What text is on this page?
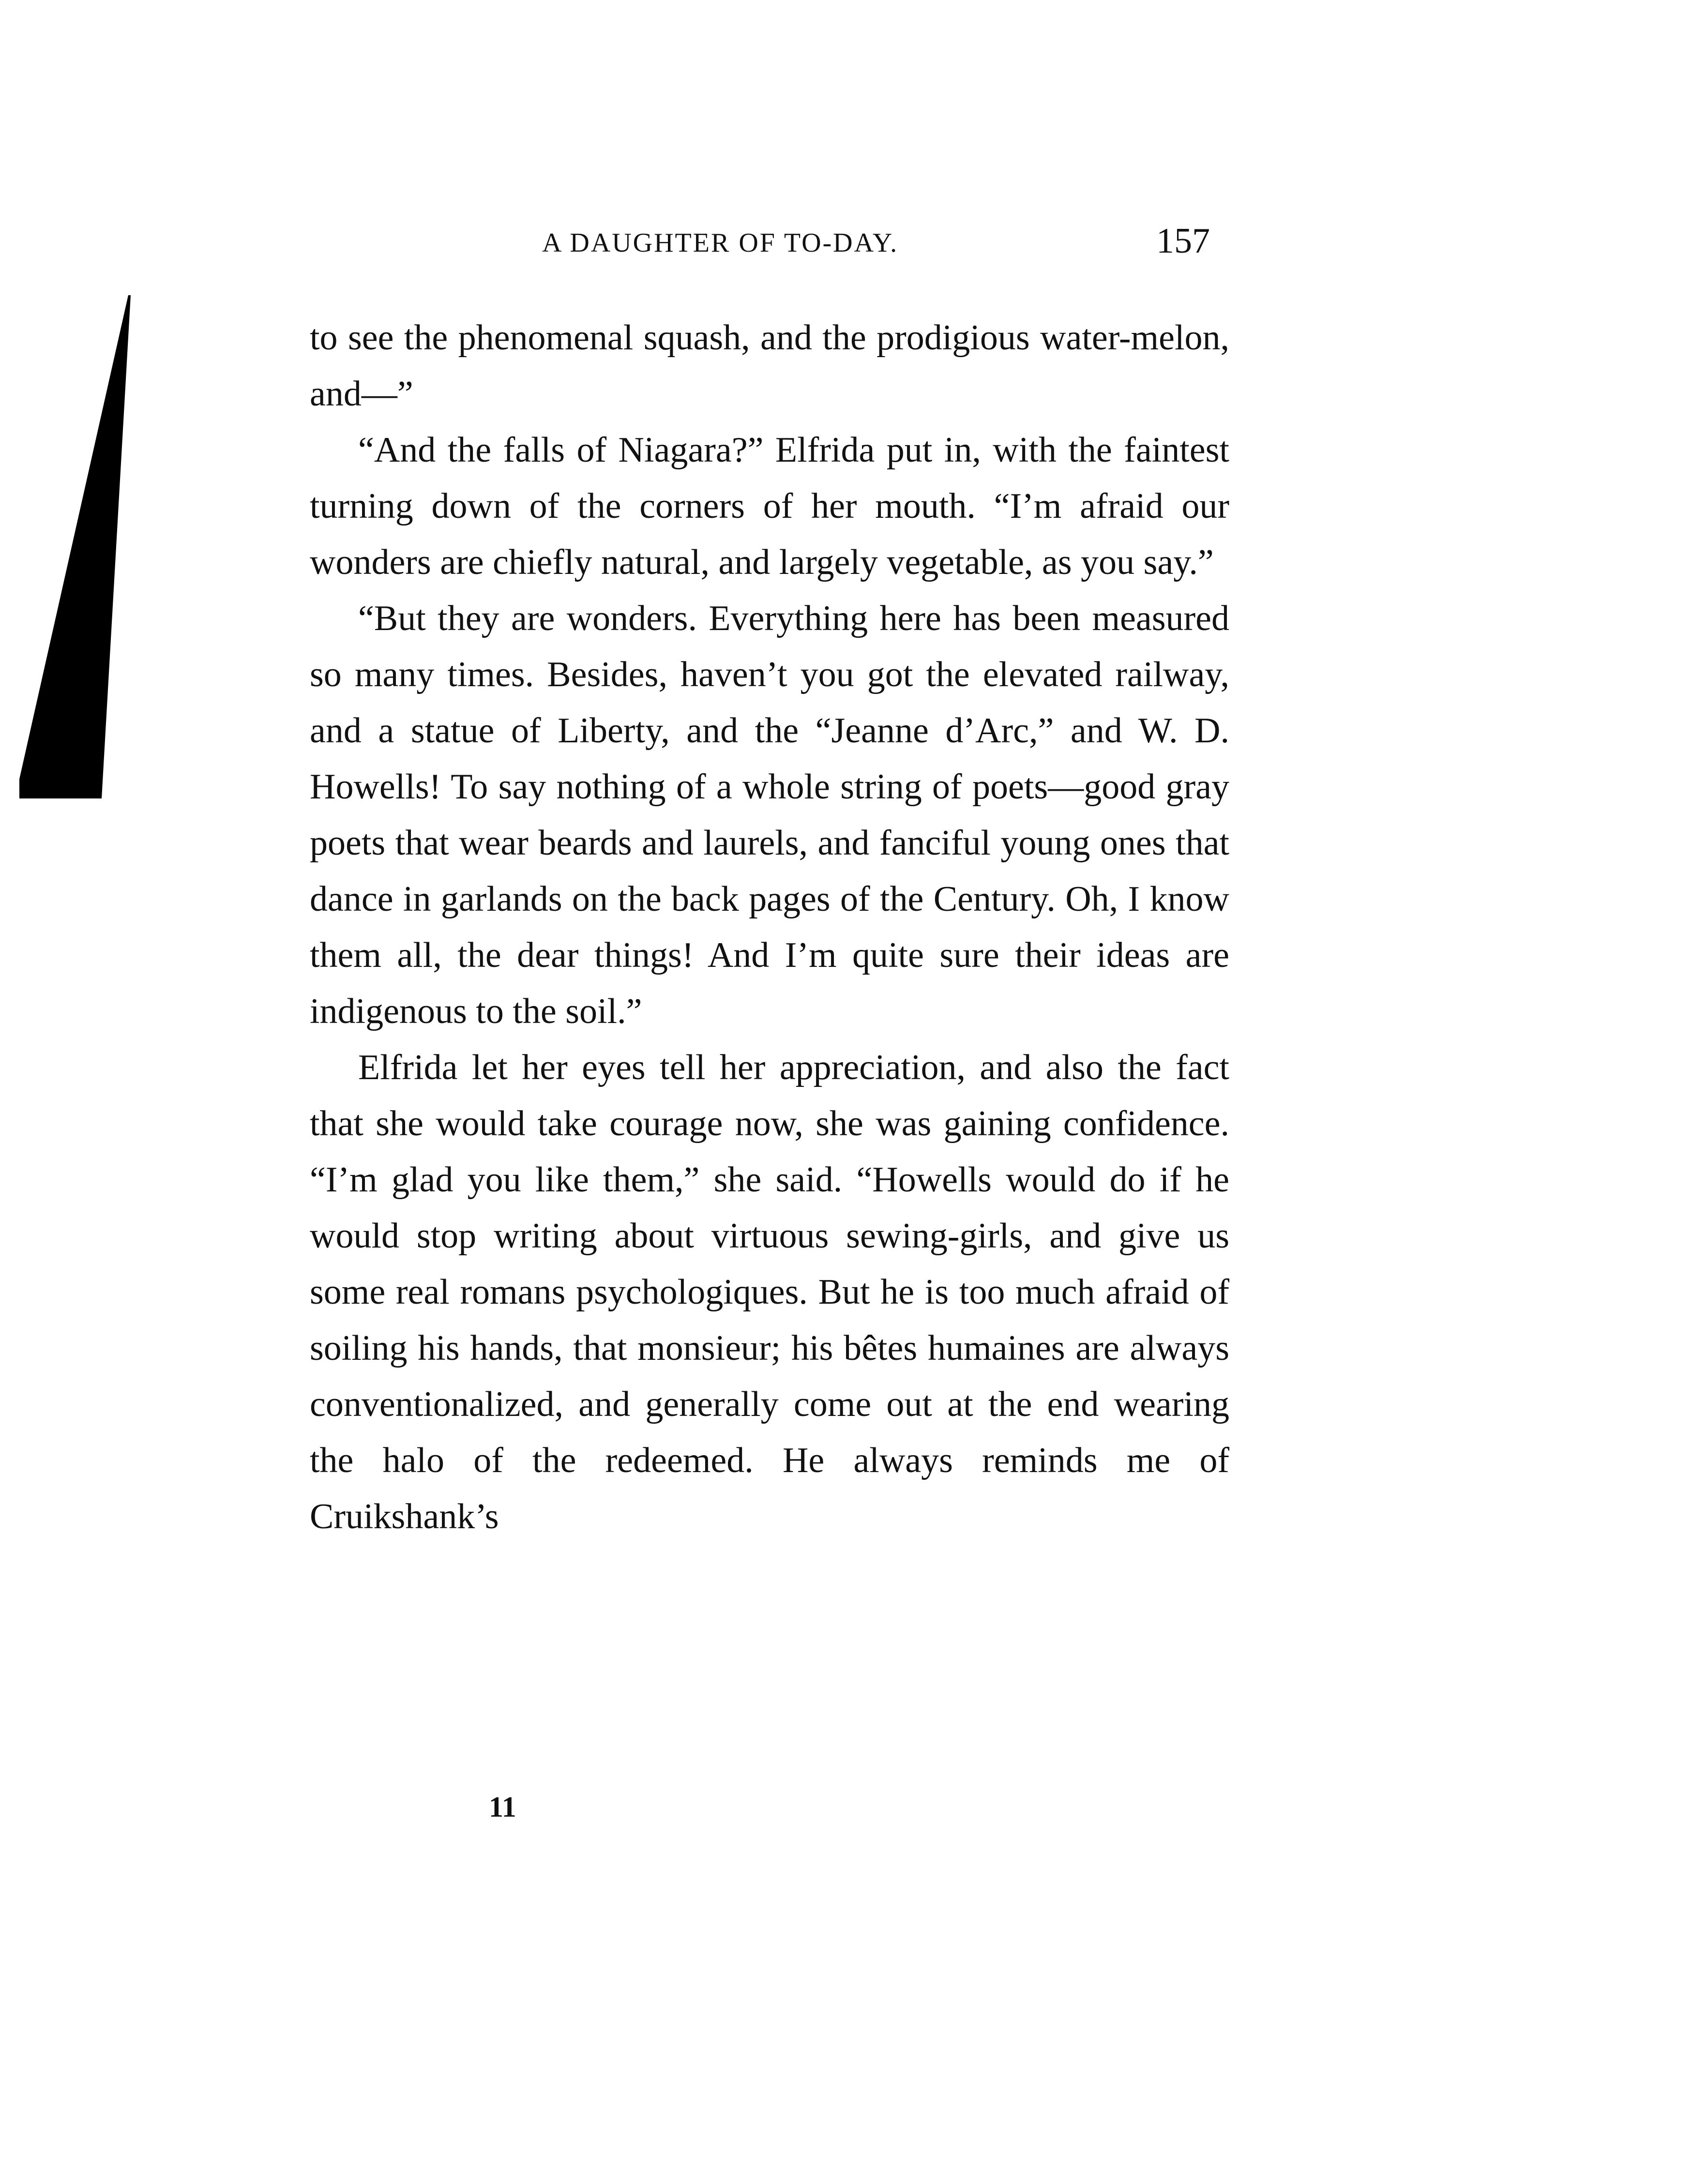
A DAUGHTER OF TO-DAY.	157

to see the phenomenal squash, and the prodigious water-melon, and—”

“And the falls of Niagara?” Elfrida put in, with the faintest turning down of the corners of her mouth. “I’m afraid our wonders are chiefly natural, and largely vegetable, as you say.”

“But they are wonders. Everything here has been measured so many times. Besides, haven’t you got the elevated railway, and a statue of Liberty, and the “Jeanne d’Arc,” and W. D. Howells! To say nothing of a whole string of poets—good gray poets that wear beards and laurels, and fanciful young ones that dance in garlands on the back pages of the Century. Oh, I know them all, the dear things! And I’m quite sure their ideas are indigenous to the soil.”

Elfrida let her eyes tell her appreciation, and also the fact that she would take courage now, she was gaining confidence. “I’m glad you like them,” she said. “Howells would do if he would stop writing about virtuous sewing-girls, and give us some real romans psychologiques. But he is too much afraid of soiling his hands, that monsieur; his bêtes humaines are always conventionalized, and generally come out at the end wearing the halo of the redeemed. He always reminds me of Cruikshank’s

11
